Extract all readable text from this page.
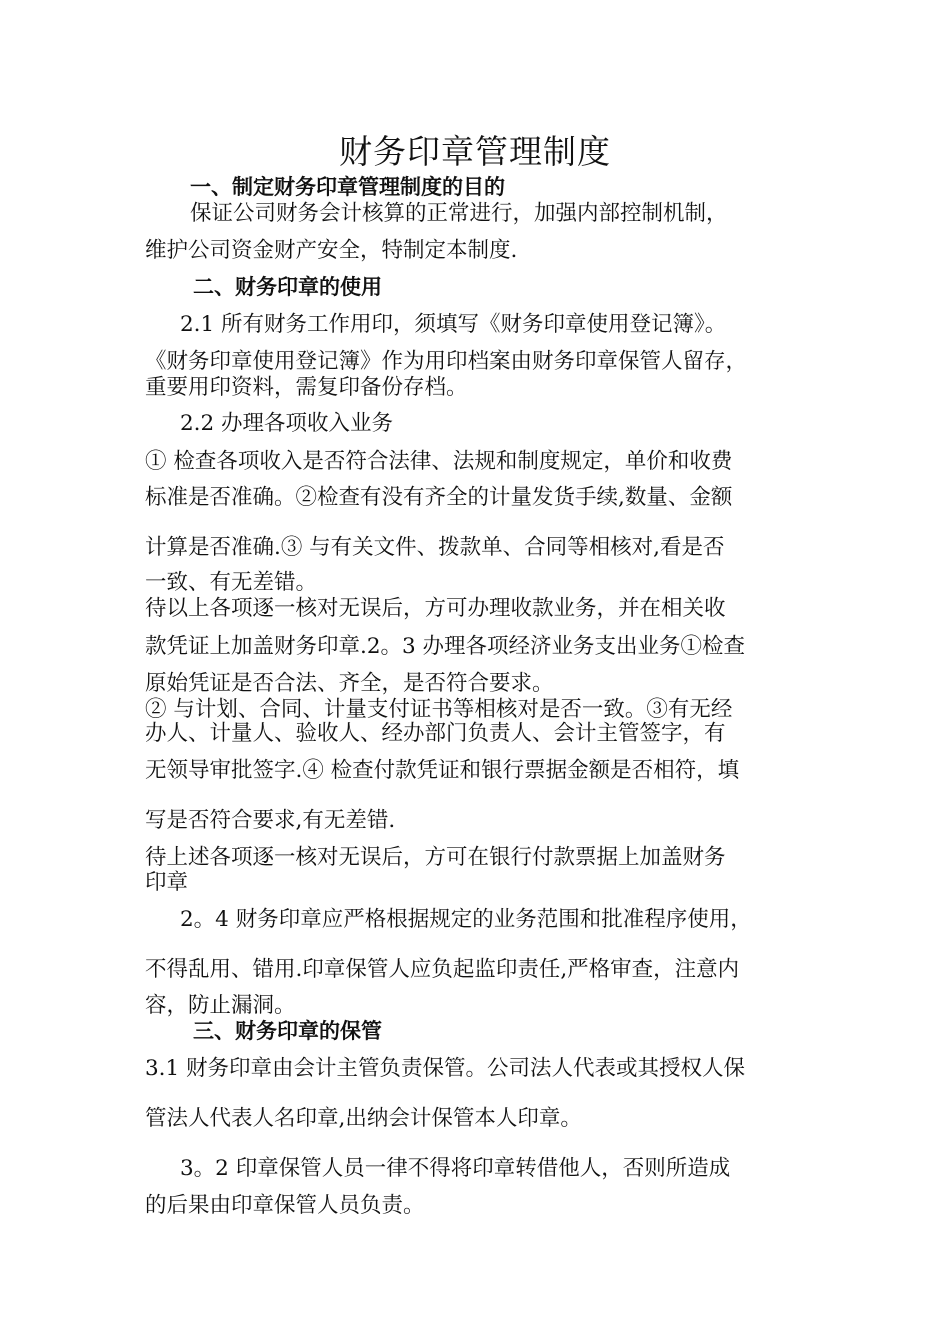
财务印章管理制度
一、制定财务印章管理制度的目的
保证公司财务会计核算的正常进行，加强内部控制机制，
维护公司资金财产安全，特制定本制度.
二、财务印章的使用
2.1 所有财务工作用印，须填写《财务印章使用登记簿》。
《财务印章使用登记簿》作为用印档案由财务印章保管人留存，
重要用印资料，需复印备份存档。
2.2 办理各项收入业务
① 检查各项收入是否符合法律、法规和制度规定，单价和收费
标准是否准确。②检查有没有齐全的计量发货手续,数量、金额
计算是否准确.③ 与有关文件、拨款单、合同等相核对,看是否
一致、有无差错。
待以上各项逐一核对无误后，方可办理收款业务，并在相关收
款凭证上加盖财务印章.2。3 办理各项经济业务支出业务①检查
原始凭证是否合法、齐全，是否符合要求。
② 与计划、合同、计量支付证书等相核对是否一致。③有无经
办人、计量人、验收人、经办部门负责人、会计主管签字，有
无领导审批签字.④ 检查付款凭证和银行票据金额是否相符，填
写是否符合要求,有无差错.
待上述各项逐一核对无误后，方可在银行付款票据上加盖财务
印章
2。4 财务印章应严格根据规定的业务范围和批准程序使用，
不得乱用、错用.印章保管人应负起监印责任,严格审查，注意内
容，防止漏洞。
三、财务印章的保管
3.1 财务印章由会计主管负责保管。公司法人代表或其授权人保
管法人代表人名印章,出纳会计保管本人印章。
3。2 印章保管人员一律不得将印章转借他人，否则所造成
的后果由印章保管人员负责。
